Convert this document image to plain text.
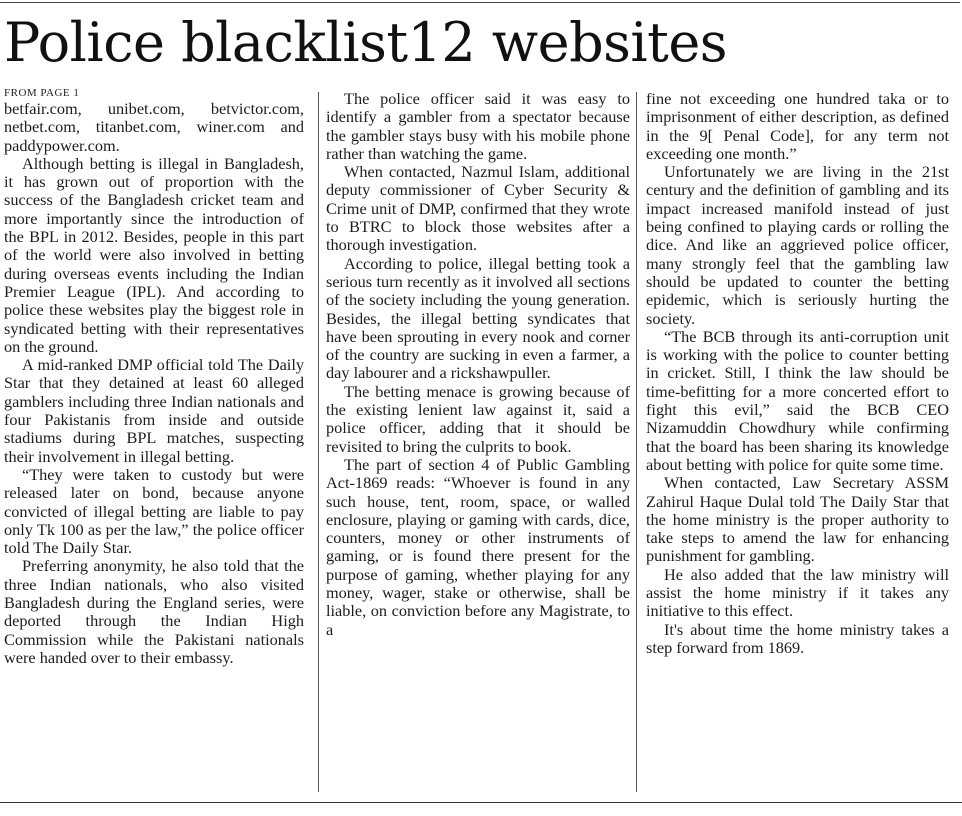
Police blacklist12 websites
FROM PAGE 1

betfair.com, unibet.com, betvictor.com, netbet.com, titanbet.com, winer.com and paddypower.com.

Although betting is illegal in Bangladesh, it has grown out of proportion with the success of the Bangladesh cricket team and more importantly since the introduction of the BPL in 2012. Besides, people in this part of the world were also involved in betting during overseas events including the Indian Premier League (IPL). And according to police these websites play the biggest role in syndicated betting with their representatives on the ground.

A mid-ranked DMP official told The Daily Star that they detained at least 60 alleged gamblers including three Indian nationals and four Pakistanis from inside and outside stadiums during BPL matches, suspecting their involvement in illegal betting.

“They were taken to custody but were released later on bond, because anyone convicted of illegal betting are liable to pay only Tk 100 as per the law,” the police officer told The Daily Star.

Preferring anonymity, he also told that the three Indian nationals, who also visited Bangladesh during the England series, were deported through the Indian High Commission while the Pakistani nationals were handed over to their embassy.

The police officer said it was easy to identify a gambler from a spectator because the gambler stays busy with his mobile phone rather than watching the game.

When contacted, Nazmul Islam, additional deputy commissioner of Cyber Security & Crime unit of DMP, confirmed that they wrote to BTRC to block those websites after a thorough investigation.

According to police, illegal betting took a serious turn recently as it involved all sections of the society including the young generation. Besides, the illegal betting syndicates that have been sprouting in every nook and corner of the country are sucking in even a farmer, a day labourer and a rickshawpuller.

The betting menace is growing because of the existing lenient law against it, said a police officer, adding that it should be revisited to bring the culprits to book.

The part of section 4 of Public Gambling Act-1869 reads: “Whoever is found in any such house, tent, room, space, or walled enclosure, playing or gaming with cards, dice, counters, money or other instruments of gaming, or is found there present for the purpose of gaming, whether playing for any money, wager, stake or otherwise, shall be liable, on conviction before any Magistrate, to a

fine not exceeding one hundred taka or to imprisonment of either description, as defined in the 9[ Penal Code], for any term not exceeding one month.”

Unfortunately we are living in the 21st century and the definition of gambling and its impact increased manifold instead of just being confined to playing cards or rolling the dice. And like an aggrieved police officer, many strongly feel that the gambling law should be updated to counter the betting epidemic, which is seriously hurting the society.

“The BCB through its anti-corruption unit is working with the police to counter betting in cricket. Still, I think the law should be time-befitting for a more concerted effort to fight this evil,” said the BCB CEO Nizamuddin Chowdhury while confirming that the board has been sharing its knowledge about betting with police for quite some time.

When contacted, Law Secretary ASSM Zahirul Haque Dulal told The Daily Star that the home ministry is the proper authority to take steps to amend the law for enhancing punishment for gambling.

He also added that the law ministry will assist the home ministry if it takes any initiative to this effect.

It's about time the home ministry takes a step forward from 1869.
